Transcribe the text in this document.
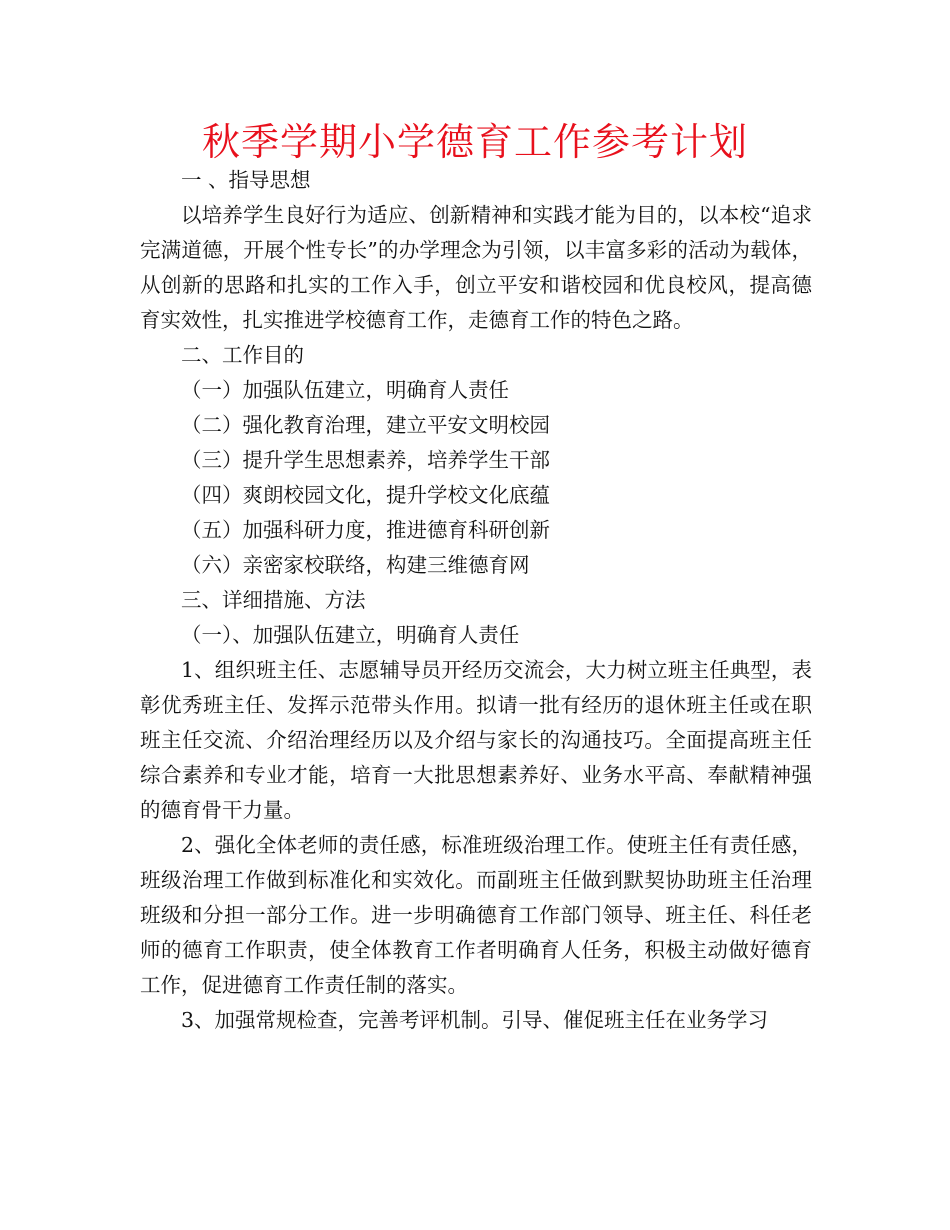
秋季学期小学德育工作参考计划

一 、指导思想

以培养学生良好行为适应、创新精神和实践才能为目的，以本校“追求完满道德，开展个性专长”的办学理念为引领，以丰富多彩的活动为载体，从创新的思路和扎实的工作入手，创立平安和谐校园和优良校风，提高德育实效性，扎实推进学校德育工作，走德育工作的特色之路。

二、工作目的

（一）加强队伍建立，明确育人责任

（二）强化教育治理，建立平安文明校园

（三）提升学生思想素养，培养学生干部

（四）爽朗校园文化，提升学校文化底蕴

（五）加强科研力度，推进德育科研创新

（六）亲密家校联络，构建三维德育网

三、详细措施、方法

（一）、加强队伍建立，明确育人责任

1、组织班主任、志愿辅导员开经历交流会，大力树立班主任典型，表彰优秀班主任、发挥示范带头作用。拟请一批有经历的退休班主任或在职班主任交流、介绍治理经历以及介绍与家长的沟通技巧。全面提高班主任综合素养和专业才能，培育一大批思想素养好、业务水平高、奉献精神强的德育骨干力量。

2、强化全体老师的责任感，标准班级治理工作。使班主任有责任感，班级治理工作做到标准化和实效化。而副班主任做到默契协助班主任治理班级和分担一部分工作。进一步明确德育工作部门领导、班主任、科任老师的德育工作职责，使全体教育工作者明确育人任务，积极主动做好德育工作，促进德育工作责任制的落实。

3、加强常规检查，完善考评机制。引导、催促班主任在业务学习
